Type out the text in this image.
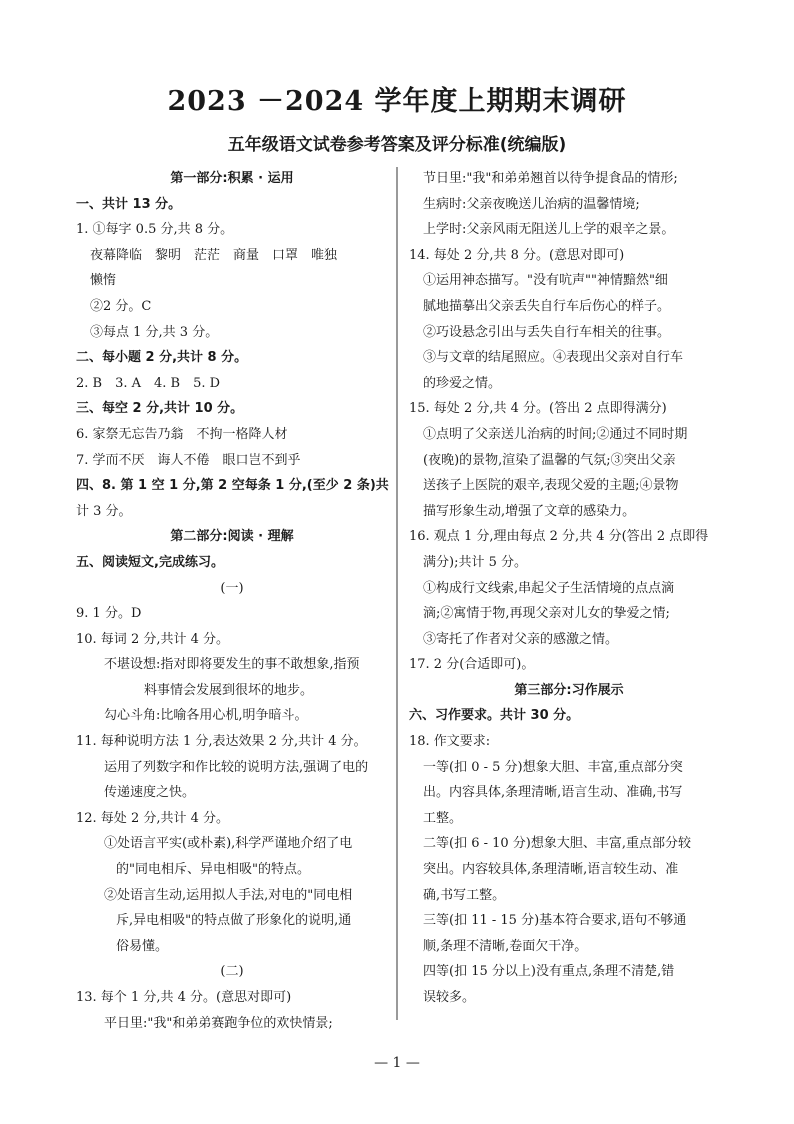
2023 －2024 学年度上期期末调研
五年级语文试卷参考答案及评分标准(统编版)
第一部分:积累 · 运用
一、共计 13 分。
1. ①每字 0.5 分,共 8 分。
夜幕降临　黎明　茫茫　商量　口罩　唯独
懒惰
②2 分。C
③每点 1 分,共 3 分。
二、每小题 2 分,共计 8 分。
2. B　3. A　4. B　5. D
三、每空 2 分,共计 10 分。
6. 家祭无忘告乃翁　不拘一格降人材
7. 学而不厌　诲人不倦　眼口岂不到乎
四、8. 第 1 空 1 分,第 2 空每条 1 分,(至少 2 条)共
计 3 分。
第二部分:阅读 · 理解
五、阅读短文,完成练习。
(一)
9. 1 分。D
10. 每词 2 分,共计 4 分。
不堪设想:指对即将要发生的事不敢想象,指预
料事情会发展到很坏的地步。
勾心斗角:比喻各用心机,明争暗斗。
11. 每种说明方法 1 分,表达效果 2 分,共计 4 分。
运用了列数字和作比较的说明方法,强调了电的
传递速度之快。
12. 每处 2 分,共计 4 分。
①处语言平实(或朴素),科学严谨地介绍了电
的"同电相斥、异电相吸"的特点。
②处语言生动,运用拟人手法,对电的"同电相
斥,异电相吸"的特点做了形象化的说明,通
俗易懂。
(二)
13. 每个 1 分,共 4 分。(意思对即可)
平日里:"我"和弟弟赛跑争位的欢快情景;
节日里:"我"和弟弟翘首以待争提食品的情形;
生病时:父亲夜晚送儿治病的温馨情境;
上学时:父亲风雨无阻送儿上学的艰辛之景。
14. 每处 2 分,共 8 分。(意思对即可)
①运用神态描写。"没有吭声""神情黯然"细
腻地描摹出父亲丢失自行车后伤心的样子。
②巧设悬念引出与丢失自行车相关的往事。
③与文章的结尾照应。④表现出父亲对自行车
的珍爱之情。
15. 每处 2 分,共 4 分。(答出 2 点即得满分)
①点明了父亲送儿治病的时间;②通过不同时期
(夜晚)的景物,渲染了温馨的气氛;③突出父亲
送孩子上医院的艰辛,表现父爱的主题;④景物
描写形象生动,增强了文章的感染力。
16. 观点 1 分,理由每点 2 分,共 4 分(答出 2 点即得
满分);共计 5 分。
①构成行文线索,串起父子生活情境的点点滴
滴;②寓情于物,再现父亲对儿女的挚爱之情;
③寄托了作者对父亲的感激之情。
17. 2 分(合适即可)。
第三部分:习作展示
六、习作要求。共计 30 分。
18. 作文要求:
一等(扣 0 - 5 分)想象大胆、丰富,重点部分突
出。内容具体,条理清晰,语言生动、准确,书写
工整。
二等(扣 6 - 10 分)想象大胆、丰富,重点部分较
突出。内容较具体,条理清晰,语言较生动、准
确,书写工整。
三等(扣 11 - 15 分)基本符合要求,语句不够通
顺,条理不清晰,卷面欠干净。
四等(扣 15 分以上)没有重点,条理不清楚,错
误较多。
— 1 —
